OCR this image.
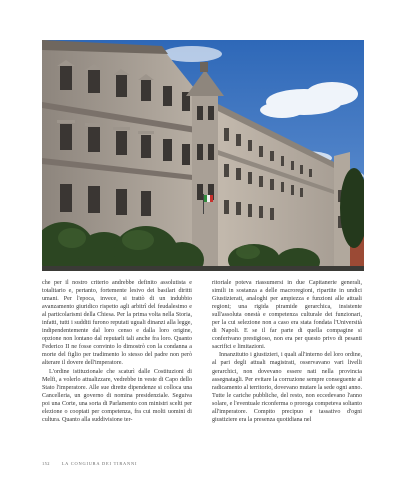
che per il nostro criterio andrebbe definito assolutista e totalitario e, pertanto, fortemente lesivo dei basilari diritti umani. Per l'epoca, invece, si trattò di un indubbio avanzamento giuridico rispetto agli arbitrî del feudalesimo e al particolarismi della Chiesa. Per la prima volta nella Storia, infatti, tutti i sudditi furono reputati uguali dinanzi alla legge, indipendentemente dal loro censo e dalla loro origine, opzione non lontano dal reputarli tali anche fra loro. Quanto Federico II ne fosse convinto lo dimostrò con la condanna a morte del figlio per tradimento lo stesso del padre non però alterare il dovere dell'imperatore.

L'ordine istituzionale che scaturì dalle Costituzioni di Melfi, a volerlo attualizzare, vedrebbe in veste di Capo dello Stato l'imperatore. Alle sue dirette dipendenze si colloca una Cancelleria, un governo di nomina presidenziale. Seguiva poi una Corte, una sorta di Parlamento con ministri scelti per elezione o cooptati per competenza, fra cui molti uomini di cultura. Quanto alla suddivisione ter-

ritoriale poteva riassumersi in due Capitanerie generali, simili in sostanza a delle macroregioni, ripartite in undici Giustizierati, analoghi per ampiezza e funzioni alle attuali regioni; una rigida piramide gerarchica, insistente sull'assoluta onestà e competenza culturale dei funzionari, per la cui selezione non a caso era stata fondata l'Università di Napoli. E se il far parte di quella compagine si conferivano prestigioso, non era per questo privo di pesanti sacrifici e limitazioni.

Innanzitutto i giustizieri, i quali all'interno del loro ordine, al pari degli attuali magistrati, osservavano vari livelli gerarchici, non dovevano essere nati nella provincia assegnatagli. Per evitare la corruzione sempre conseguente al radicamento al territorio, dovevano mutare la sede ogni anno. Tutte le cariche pubbliche, del resto, non eccedevano l'anno solare, e l'eventuale riconferma o proroga competeva soltanto all'imperatore. Compito precipuo e tassativo d'ogni giustiziere era la presenza quotidiana nel

152	LA CONGIURA DEI TIRANNI
